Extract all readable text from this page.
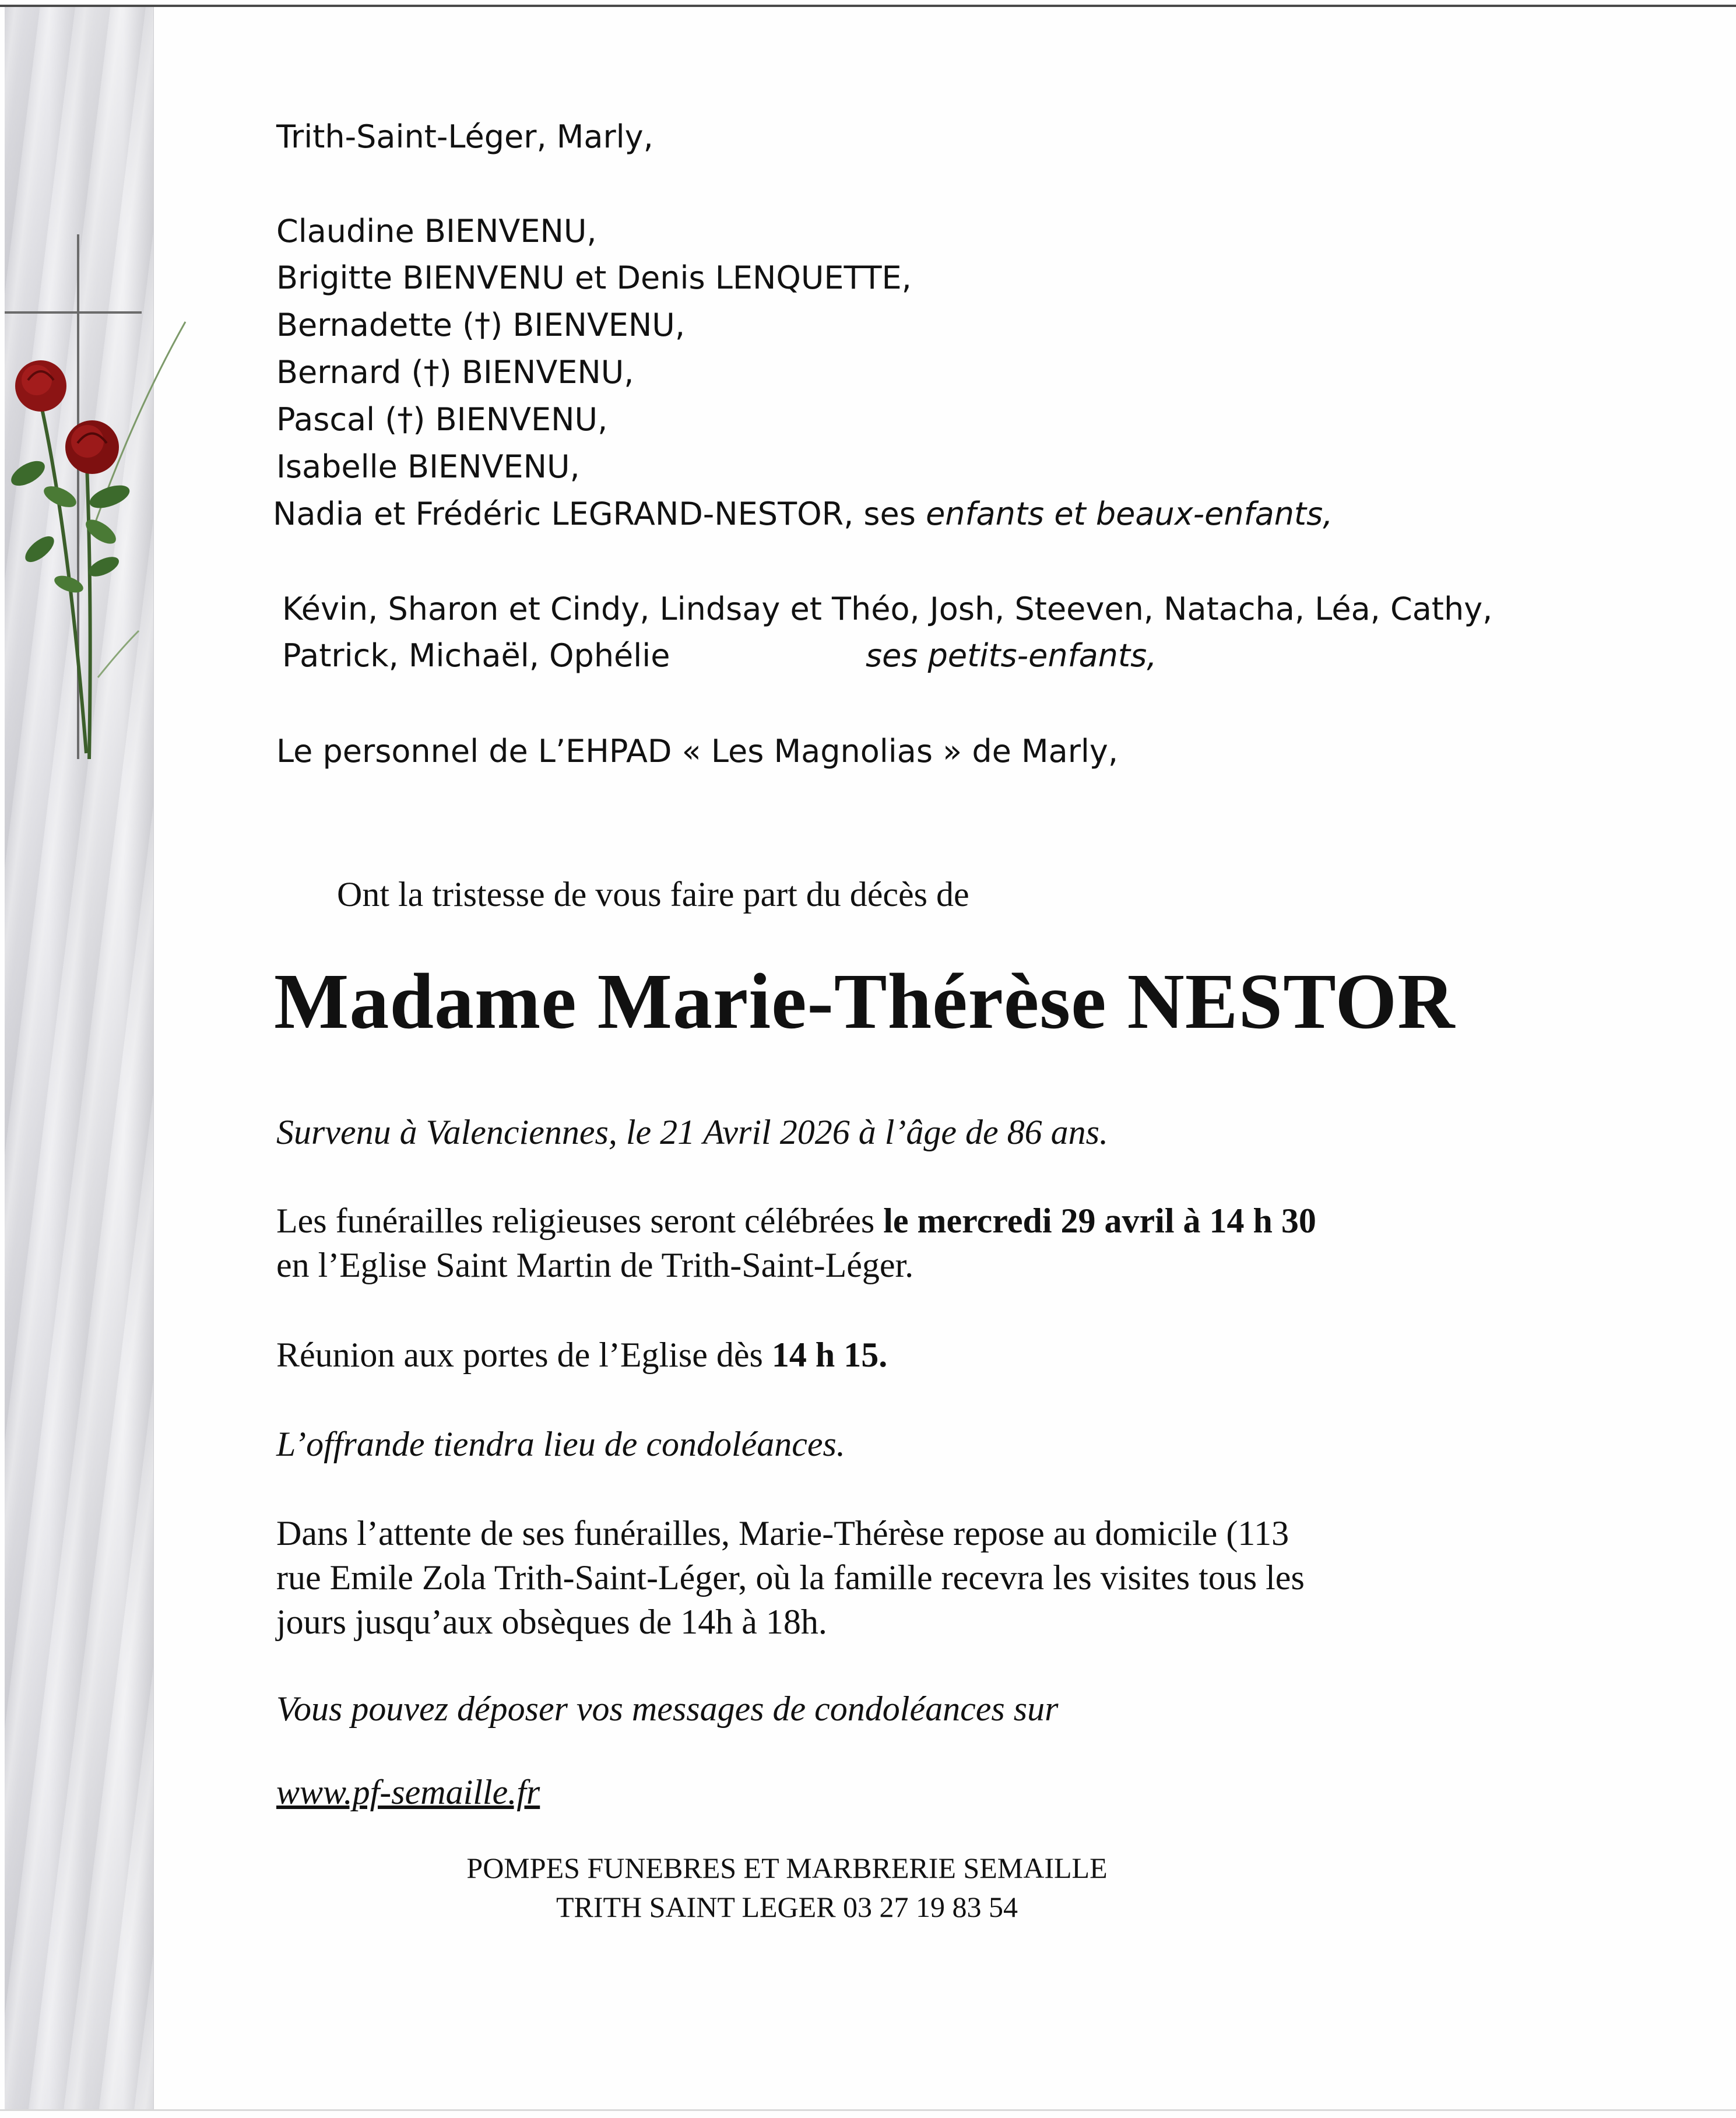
Trith-Saint-Léger, Marly,
Claudine BIENVENU,
Brigitte BIENVENU et Denis LENQUETTE,
Bernadette (†) BIENVENU,
Bernard (†) BIENVENU,
Pascal (†) BIENVENU,
Isabelle BIENVENU,
Nadia et Frédéric LEGRAND-NESTOR, ses enfants et beaux-enfants,
Kévin, Sharon et Cindy, Lindsay et Théo, Josh, Steeven, Natacha, Léa, Cathy,
Patrick, Michaël, Ophélie	ses petits-enfants,
Le personnel de L’EHPAD « Les Magnolias » de Marly,
Ont la tristesse de vous faire part du décès de
Madame Marie-Thérèse NESTOR
Survenu à Valenciennes, le 21 Avril 2026 à l’âge de 86 ans.
Les funérailles religieuses seront célébrées le mercredi 29 avril à 14 h 30
en l’Eglise Saint Martin de Trith-Saint-Léger.
Réunion aux portes de l’Eglise dès 14 h 15.
L’offrande tiendra lieu de condoléances.
Dans l’attente de ses funérailles, Marie-Thérèse repose au domicile (113
rue Emile Zola Trith-Saint-Léger, où la famille recevra les visites tous les
jours jusqu’aux obsèques de 14h à 18h.
Vous pouvez déposer vos messages de condoléances sur
www.pf-semaille.fr
POMPES FUNEBRES ET MARBRERIE SEMAILLE
TRITH SAINT LEGER 03 27 19 83 54
